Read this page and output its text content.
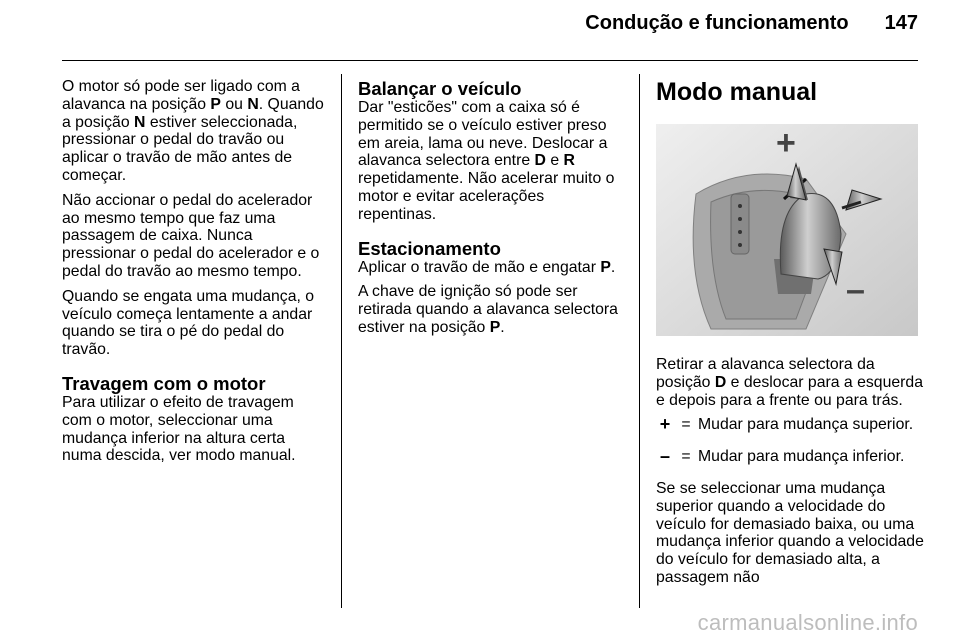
Condução e funcionamento 147

O motor só pode ser ligado com a alavanca na posição P ou N. Quando a posição N estiver seleccionada, pressionar o pedal do travão ou aplicar o travão de mão antes de começar.

Não accionar o pedal do acelerador ao mesmo tempo que faz uma passagem de caixa. Nunca pressionar o pedal do acelerador e o pedal do travão ao mesmo tempo.

Quando se engata uma mudança, o veículo começa lentamente a andar quando se tira o pé do pedal do travão.

Travagem com o motor

Para utilizar o efeito de travagem com o motor, seleccionar uma mudança inferior na altura certa numa descida, ver modo manual.

Balançar o veículo

Dar "esticões" com a caixa só é permitido se o veículo estiver preso em areia, lama ou neve. Deslocar a alavanca selectora entre D e R repetidamente. Não acelerar muito o motor e evitar acelerações repentinas.

Estacionamento

Aplicar o travão de mão e engatar P.

A chave de ignição só pode ser retirada quando a alavanca selectora estiver na posição P.

Modo manual
+
–

Retirar a alavanca selectora da posição D e deslocar para a esquerda e depois para a frente ou para trás.

+ = Mudar para mudança superior.
– = Mudar para mudança inferior.

Se se seleccionar uma mudança superior quando a velocidade do veículo for demasiado baixa, ou uma mudança inferior quando a velocidade do veículo for demasiado alta, a passagem não

carmanualsonline.info
